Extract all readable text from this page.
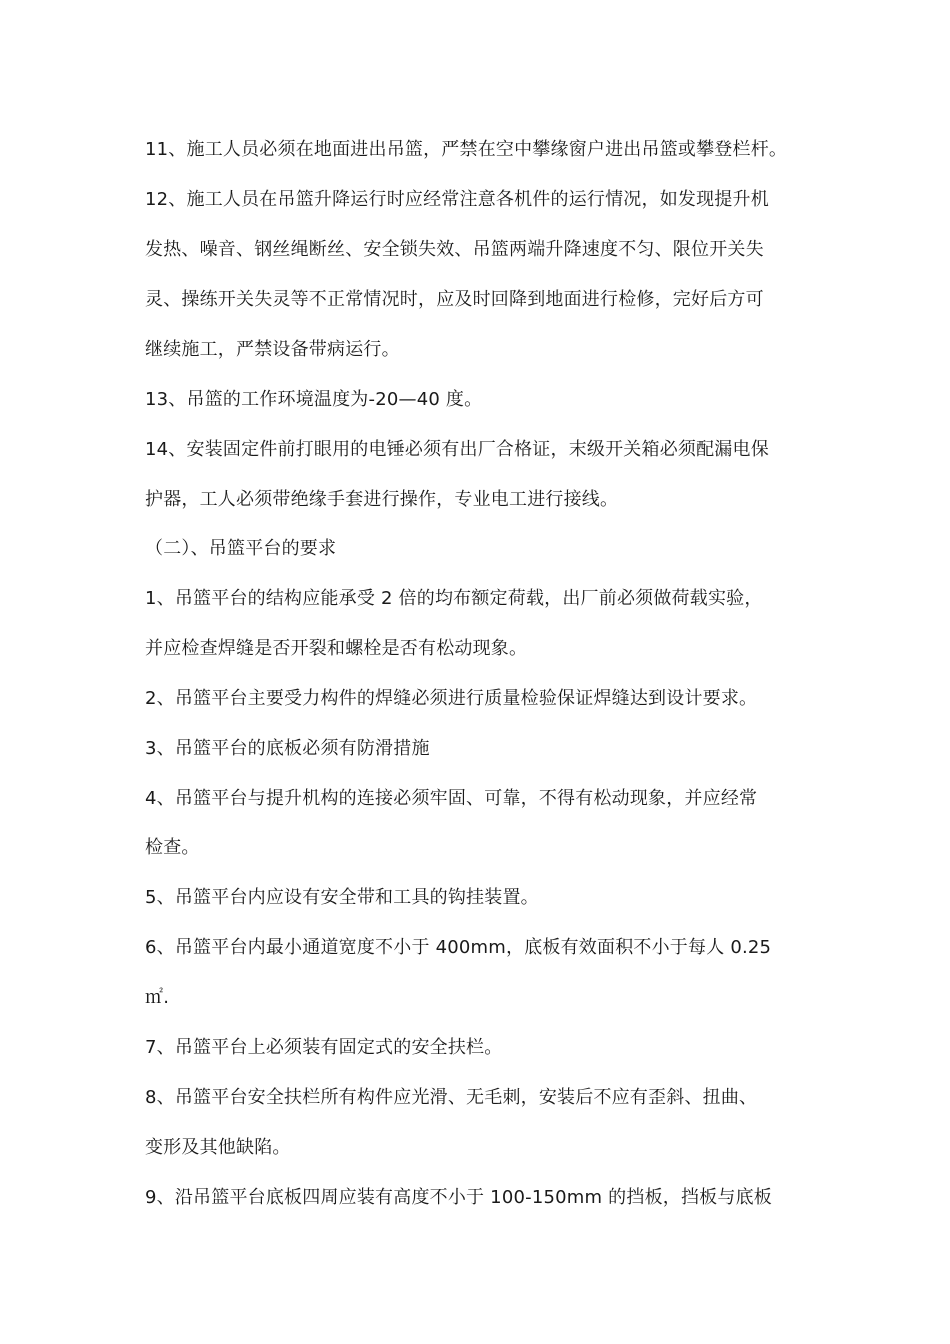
11、施工人员必须在地面进出吊篮，严禁在空中攀缘窗户进出吊篮或攀登栏杆。
12、施工人员在吊篮升降运行时应经常注意各机件的运行情况，如发现提升机
发热、噪音、钢丝绳断丝、安全锁失效、吊篮两端升降速度不匀、限位开关失
灵、操练开关失灵等不正常情况时，应及时回降到地面进行检修，完好后方可
继续施工，严禁设备带病运行。
13、吊篮的工作环境温度为-20—40 度。
14、安装固定件前打眼用的电锤必须有出厂合格证，末级开关箱必须配漏电保
护器，工人必须带绝缘手套进行操作，专业电工进行接线。
（二）、吊篮平台的要求
1、吊篮平台的结构应能承受 2 倍的均布额定荷载，出厂前必须做荷载实验，
并应检查焊缝是否开裂和螺栓是否有松动现象。
2、吊篮平台主要受力构件的焊缝必须进行质量检验保证焊缝达到设计要求。
3、吊篮平台的底板必须有防滑措施
4、吊篮平台与提升机构的连接必须牢固、可靠，不得有松动现象，并应经常
检查。
5、吊篮平台内应设有安全带和工具的钩挂装置。
6、吊篮平台内最小通道宽度不小于 400mm，底板有效面积不小于每人 0.25
㎡.
7、吊篮平台上必须装有固定式的安全扶栏。
8、吊篮平台安全扶栏所有构件应光滑、无毛刺，安装后不应有歪斜、扭曲、
变形及其他缺陷。
9、沿吊篮平台底板四周应装有高度不小于 100-150mm 的挡板，挡板与底板
